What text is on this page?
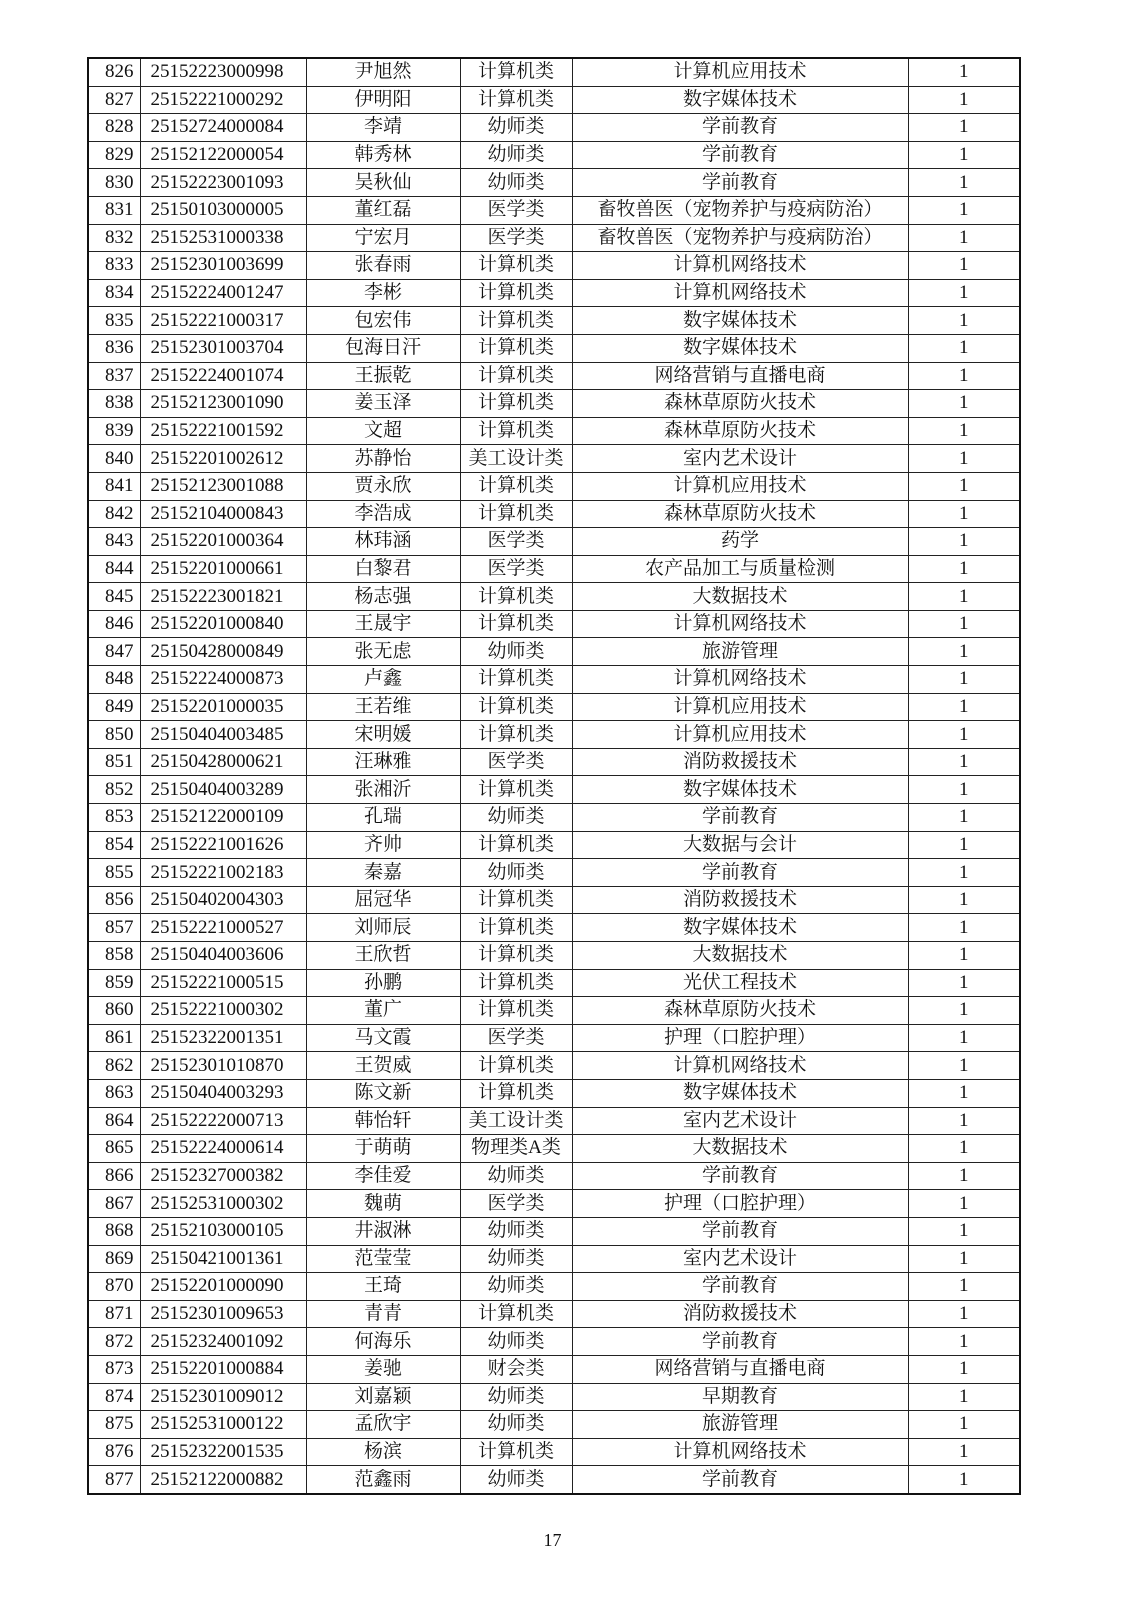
826	25152223000998	尹旭然	计算机类	计算机应用技术	1
827	25152221000292	伊明阳	计算机类	数字媒体技术	1
828	25152724000084	李靖	幼师类	学前教育	1
829	25152122000054	韩秀林	幼师类	学前教育	1
830	25152223001093	吴秋仙	幼师类	学前教育	1
831	25150103000005	董红磊	医学类	畜牧兽医（宠物养护与疫病防治）	1
832	25152531000338	宁宏月	医学类	畜牧兽医（宠物养护与疫病防治）	1
833	25152301003699	张春雨	计算机类	计算机网络技术	1
834	25152224001247	李彬	计算机类	计算机网络技术	1
835	25152221000317	包宏伟	计算机类	数字媒体技术	1
836	25152301003704	包海日汗	计算机类	数字媒体技术	1
837	25152224001074	王振乾	计算机类	网络营销与直播电商	1
838	25152123001090	姜玉泽	计算机类	森林草原防火技术	1
839	25152221001592	文超	计算机类	森林草原防火技术	1
840	25152201002612	苏静怡	美工设计类	室内艺术设计	1
841	25152123001088	贾永欣	计算机类	计算机应用技术	1
842	25152104000843	李浩成	计算机类	森林草原防火技术	1
843	25152201000364	林玮涵	医学类	药学	1
844	25152201000661	白黎君	医学类	农产品加工与质量检测	1
845	25152223001821	杨志强	计算机类	大数据技术	1
846	25152201000840	王晟宇	计算机类	计算机网络技术	1
847	25150428000849	张无虑	幼师类	旅游管理	1
848	25152224000873	卢鑫	计算机类	计算机网络技术	1
849	25152201000035	王若维	计算机类	计算机应用技术	1
850	25150404003485	宋明媛	计算机类	计算机应用技术	1
851	25150428000621	汪琳雅	医学类	消防救援技术	1
852	25150404003289	张湘沂	计算机类	数字媒体技术	1
853	25152122000109	孔瑞	幼师类	学前教育	1
854	25152221001626	齐帅	计算机类	大数据与会计	1
855	25152221002183	秦嘉	幼师类	学前教育	1
856	25150402004303	屈冠华	计算机类	消防救援技术	1
857	25152221000527	刘师辰	计算机类	数字媒体技术	1
858	25150404003606	王欣哲	计算机类	大数据技术	1
859	25152221000515	孙鹏	计算机类	光伏工程技术	1
860	25152221000302	董广	计算机类	森林草原防火技术	1
861	25152322001351	马文霞	医学类	护理（口腔护理）	1
862	25152301010870	王贺威	计算机类	计算机网络技术	1
863	25150404003293	陈文新	计算机类	数字媒体技术	1
864	25152222000713	韩怡轩	美工设计类	室内艺术设计	1
865	25152224000614	于萌萌	物理类A类	大数据技术	1
866	25152327000382	李佳爱	幼师类	学前教育	1
867	25152531000302	魏萌	医学类	护理（口腔护理）	1
868	25152103000105	井淑淋	幼师类	学前教育	1
869	25150421001361	范莹莹	幼师类	室内艺术设计	1
870	25152201000090	王琦	幼师类	学前教育	1
871	25152301009653	青青	计算机类	消防救援技术	1
872	25152324001092	何海乐	幼师类	学前教育	1
873	25152201000884	姜驰	财会类	网络营销与直播电商	1
874	25152301009012	刘嘉颖	幼师类	早期教育	1
875	25152531000122	孟欣宇	幼师类	旅游管理	1
876	25152322001535	杨滨	计算机类	计算机网络技术	1
877	25152122000882	范鑫雨	幼师类	学前教育	1
17
